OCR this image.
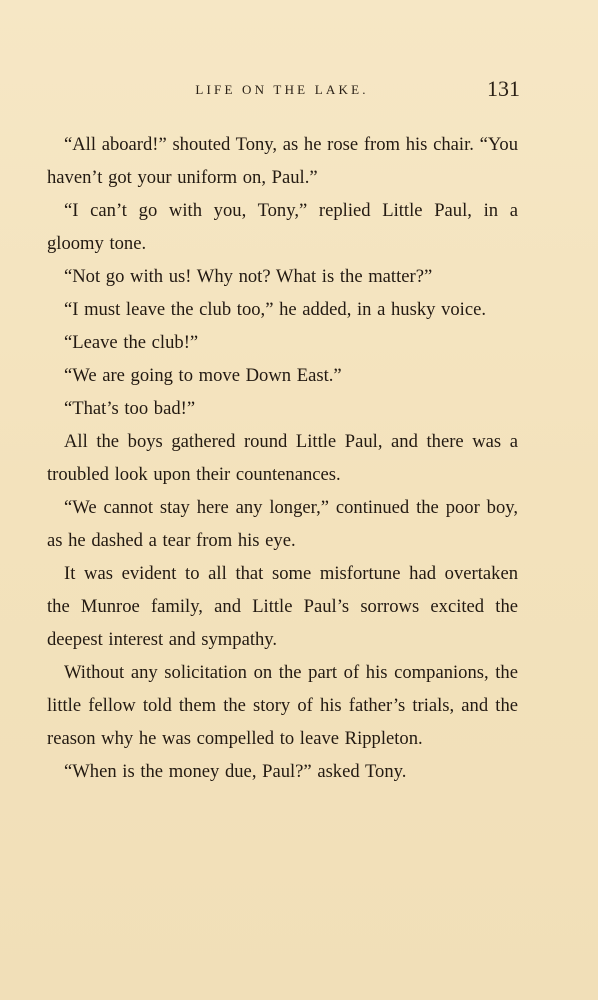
LIFE ON THE LAKE.	131

“All aboard!” shouted Tony, as he rose from his chair. “You haven’t got your uniform on, Paul.”

“I can’t go with you, Tony,” replied Little Paul, in a gloomy tone.

“Not go with us! Why not? What is the matter?”

“I must leave the club too,” he added, in a husky voice.

“Leave the club!”

“We are going to move Down East.”

“That’s too bad!”

All the boys gathered round Little Paul, and there was a troubled look upon their countenances.

“We cannot stay here any longer,” continued the poor boy, as he dashed a tear from his eye.

It was evident to all that some misfortune had overtaken the Munroe family, and Little Paul’s sorrows excited the deepest interest and sympathy.

Without any solicitation on the part of his companions, the little fellow told them the story of his father’s trials, and the reason why he was compelled to leave Rippleton.

“When is the money due, Paul?” asked Tony.
